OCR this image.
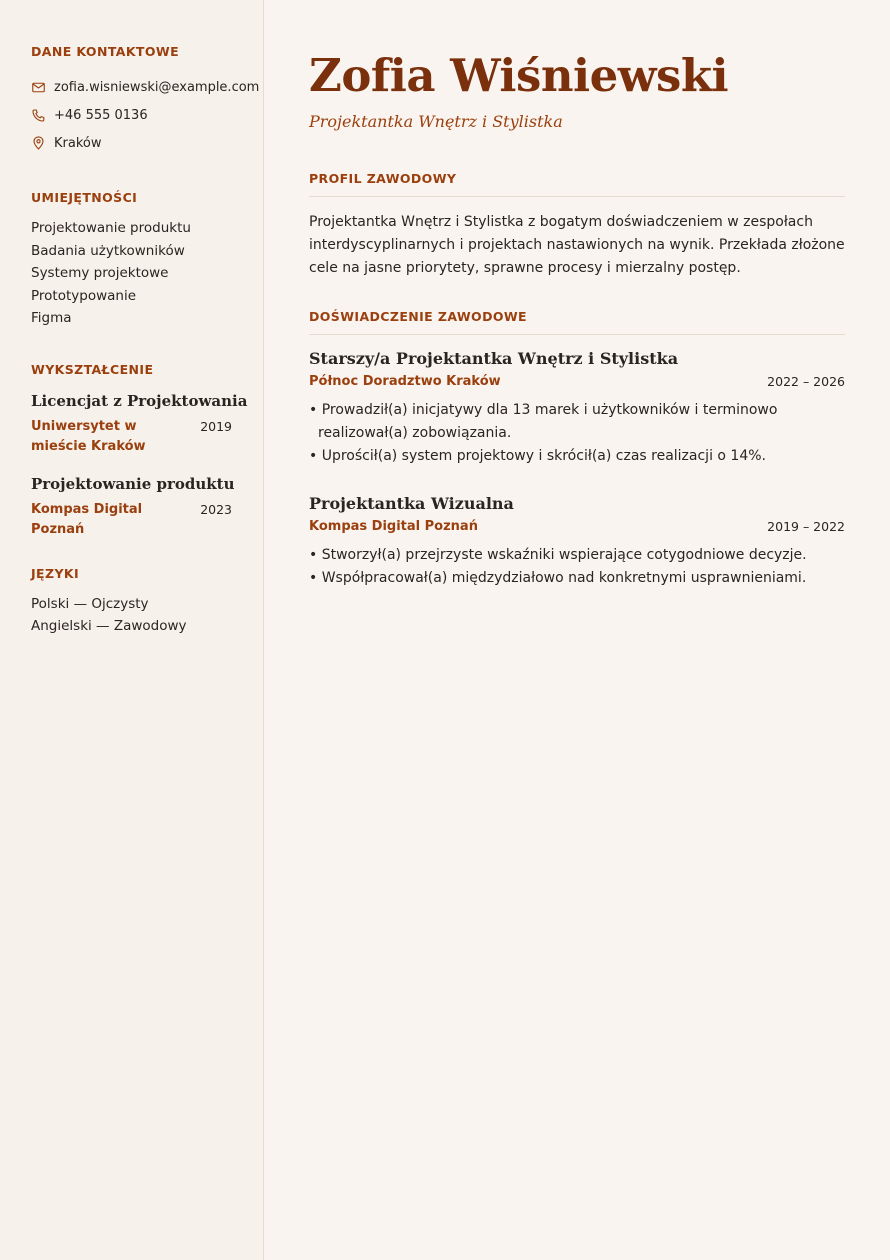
DANE KONTAKTOWE
zofia.wisniewski@example.com
+46 555 0136
Kraków
UMIEJĘTNOŚCI
Projektowanie produktu
Badania użytkowników
Systemy projektowe
Prototypowanie
Figma
WYKSZTAŁCENIE
Licencjat z Projektowania
Uniwersytet w mieście Kraków
2019
Projektowanie produktu
Kompas Digital Poznań
2023
JĘZYKI
Polski — Ojczysty
Angielski — Zawodowy
Zofia Wiśniewski
Projektantka Wnętrz i Stylistka
PROFIL ZAWODOWY

Projektantka Wnętrz i Stylistka z bogatym doświadczeniem w zespołach interdyscyplinarnych i projektach nastawionych na wynik. Przekłada złożone cele na jasne priorytety, sprawne procesy i mierzalny postęp.

DOŚWIADCZENIE ZAWODOWE
Starszy/a Projektantka Wnętrz i Stylistka
Północ Doradztwo Kraków	2022 – 2026
• Prowadził(a) inicjatywy dla 13 marek i użytkowników i terminowo realizował(a) zobowiązania.
• Uprościł(a) system projektowy i skrócił(a) czas realizacji o 14%.
Projektantka Wizualna
Kompas Digital Poznań	2019 – 2022
• Stworzył(a) przejrzyste wskaźniki wspierające cotygodniowe decyzje.
• Współpracował(a) międzydziałowo nad konkretnymi usprawnieniami.
